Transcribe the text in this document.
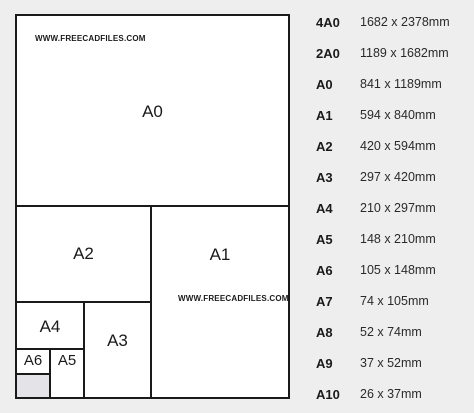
WWW.FREECADFILES.COM
A0
A1
WWW.FREECADFILES.COM
A2
A3
A4
A5
A6
4A0	1682 x 2378mm
2A0	1189 x 1682mm
A0	841 x 1189mm
A1	594 x 840mm
A2	420 x 594mm
A3	297 x 420mm
A4	210 x 297mm
A5	148 x 210mm
A6	105 x 148mm
A7	74 x 105mm
A8	52 x 74mm
A9	37 x 52mm
A10	26 x 37mm
